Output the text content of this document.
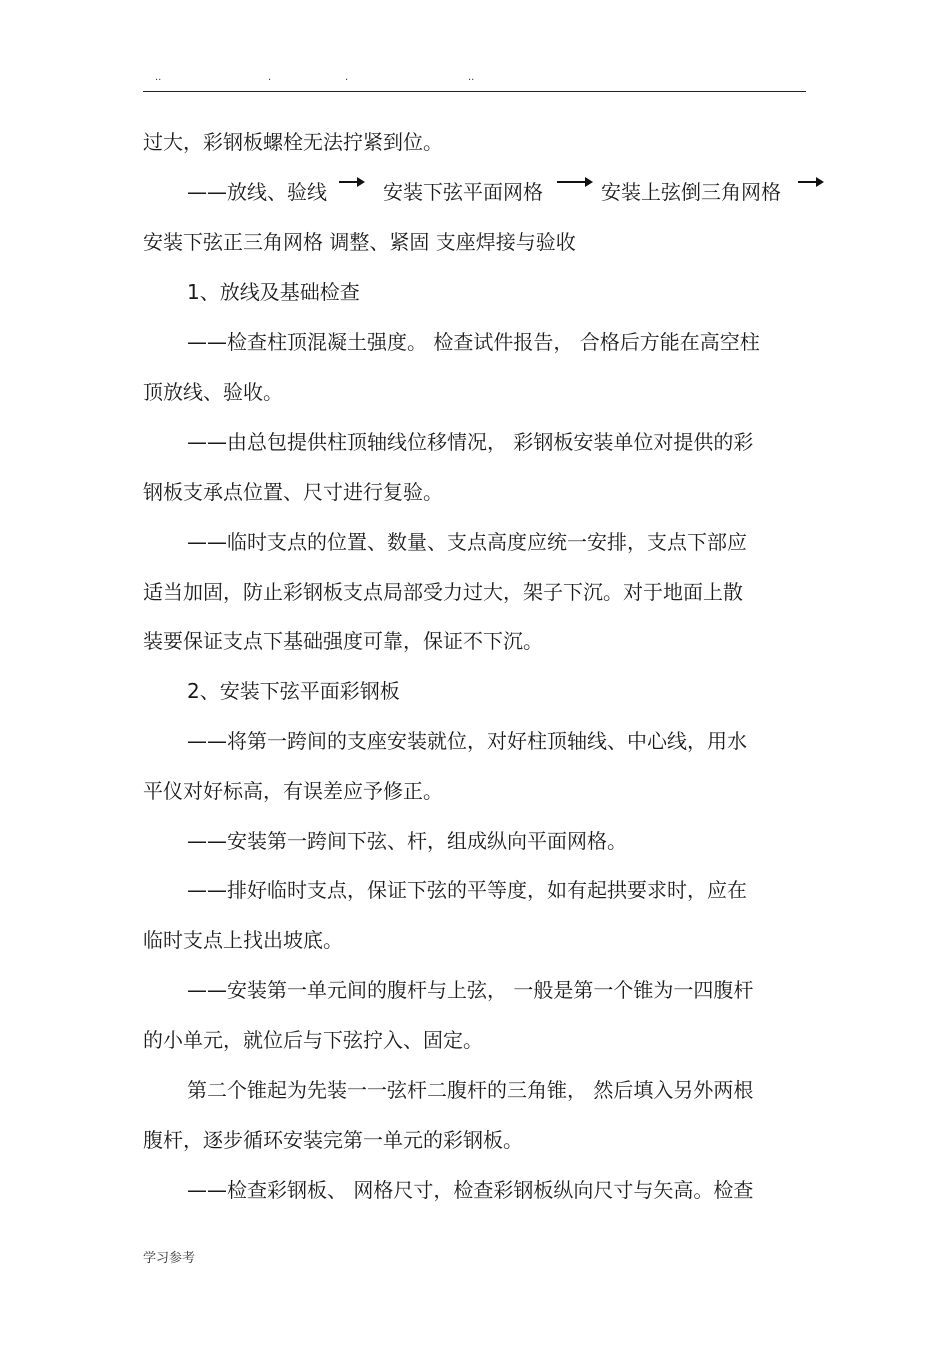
..	.	.	..
过大，彩钢板螺栓无法拧紧到位。
——放线、验线	安装下弦平面网格	安装上弦倒三角网格
安装下弦正三角网格 调整、紧固 支座焊接与验收
1、放线及基础检查
——检查柱顶混凝土强度。 检查试件报告， 合格后方能在高空柱
顶放线、验收。
——由总包提供柱顶轴线位移情况， 彩钢板安装单位对提供的彩
钢板支承点位置、尺寸进行复验。
——临时支点的位置、数量、支点高度应统一安排，支点下部应
适当加固，防止彩钢板支点局部受力过大，架子下沉。对于地面上散
装要保证支点下基础强度可靠，保证不下沉。
2、安装下弦平面彩钢板
——将第一跨间的支座安装就位，对好柱顶轴线、中心线，用水
平仪对好标高，有误差应予修正。
——安装第一跨间下弦、杆，组成纵向平面网格。
——排好临时支点，保证下弦的平等度，如有起拱要求时，应在
临时支点上找出坡底。
——安装第一单元间的腹杆与上弦， 一般是第一个锥为一四腹杆
的小单元，就位后与下弦拧入、固定。
第二个锥起为先装一一弦杆二腹杆的三角锥， 然后填入另外两根
腹杆，逐步循环安装完第一单元的彩钢板。
——检查彩钢板、 网格尺寸，检查彩钢板纵向尺寸与矢高。检查
学习参考
